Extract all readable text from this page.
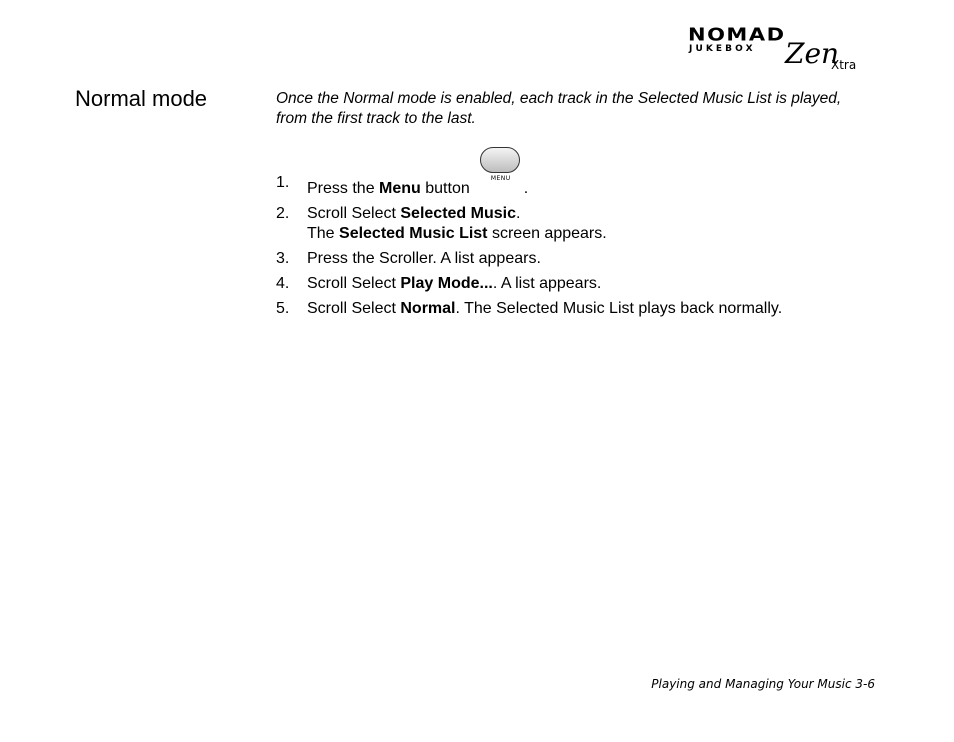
NOMAD
JUKEBOX Zen
Xtra
Normal mode	Once the Normal mode is enabled, each track in the Selected Music List is played, from the first track to the last.
1.	Press the Menu button
MENU
.
2.	Scroll Select Selected Music.
The Selected Music List screen appears.
3.	Press the Scroller. A list appears.
4.	Scroll Select Play Mode.... A list appears.
5.	Scroll Select Normal. The Selected Music List plays back normally.
Playing and Managing Your Music 3-6
